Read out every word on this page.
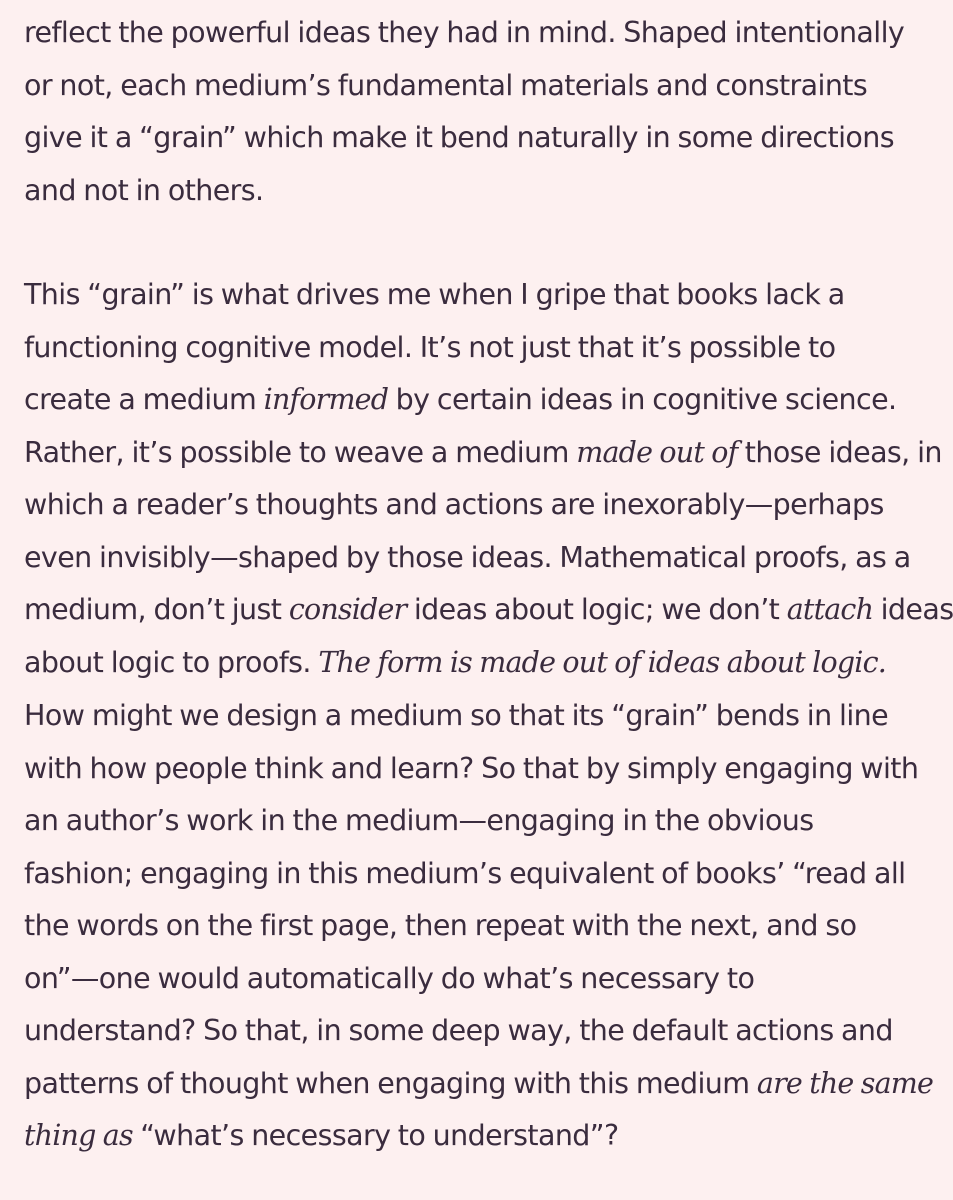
reflect the powerful ideas they had in mind. Shaped intentionally
or not, each medium’s fundamental materials and constraints
give it a “grain” which make it bend naturally in some directions
and not in others.

This “grain” is what drives me when I gripe that books lack a
functioning cognitive model. It’s not just that it’s possible to
create a medium informed by certain ideas in cognitive science.
Rather, it’s possible to weave a medium made out of those ideas, in
which a reader’s thoughts and actions are inexorably—perhaps
even invisibly—shaped by those ideas. Mathematical proofs, as a
medium, don’t just consider ideas about logic; we don’t attach ideas
about logic to proofs. The form is made out of ideas about logic.

How might we design a medium so that its “grain” bends in line
with how people think and learn? So that by simply engaging with
an author’s work in the medium—engaging in the obvious
fashion; engaging in this medium’s equivalent of books’ “read all
the words on the first page, then repeat with the next, and so
on”—one would automatically do what’s necessary to
understand? So that, in some deep way, the default actions and
patterns of thought when engaging with this medium are the same
thing as “what’s necessary to understand”?
